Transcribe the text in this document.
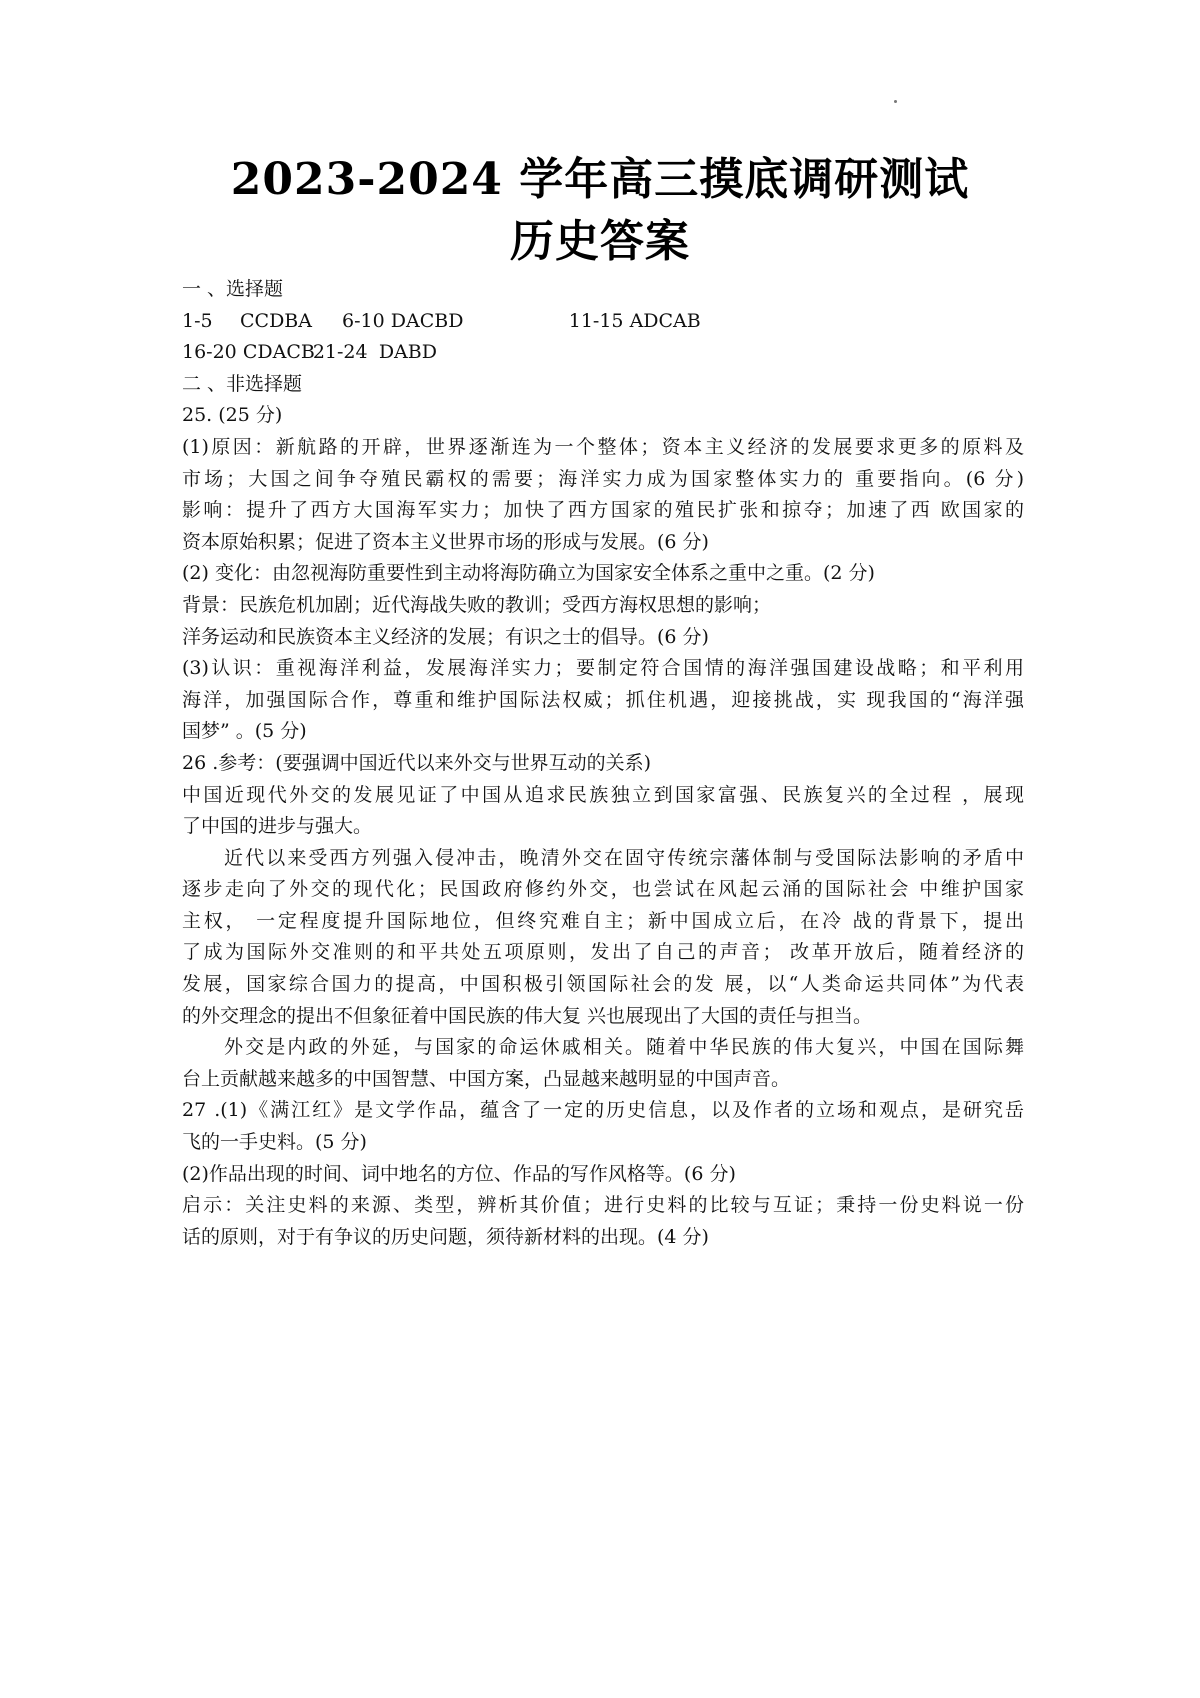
2023-2024 学年高三摸底调研测试
历史答案
一 、选择题
1-5 CCDBA 6-10 DACBD	11-15 ADCAB
16-20 CDACB21-24 DABD
二 、非选择题
25. (25 分)
(1)原因：新航路的开辟，世界逐渐连为一个整体；资本主义经济的发展要求更多的原料及
市场；大国之间争夺殖民霸权的需要；海洋实力成为国家整体实力的 重要指向。(6 分)
影响：提升了西方大国海军实力；加快了西方国家的殖民扩张和掠夺；加速了西 欧国家的
资本原始积累；促进了资本主义世界市场的形成与发展。(6 分)
(2) 变化：由忽视海防重要性到主动将海防确立为国家安全体系之重中之重。(2 分)
背景：民族危机加剧；近代海战失败的教训；受西方海权思想的影响；
洋务运动和民族资本主义经济的发展；有识之士的倡导。(6 分)
(3)认识：重视海洋利益，发展海洋实力；要制定符合国情的海洋强国建设战略；和平利用
海洋，加强国际合作，尊重和维护国际法权威；抓住机遇，迎接挑战，实 现我国的“海洋强
国梦” 。(5 分)
26 .参考：(要强调中国近代以来外交与世界互动的关系)
中国近现代外交的发展见证了中国从追求民族独立到国家富强、民族复兴的全过程 ，展现
了中国的进步与强大。
近代以来受西方列强入侵冲击，晚清外交在固守传统宗藩体制与受国际法影响的矛盾中
逐步走向了外交的现代化；民国政府修约外交，也尝试在风起云涌的国际社会 中维护国家
主权， 一定程度提升国际地位，但终究难自主；新中国成立后，在冷 战的背景下，提出
了成为国际外交准则的和平共处五项原则，发出了自己的声音； 改革开放后，随着经济的
发展，国家综合国力的提高，中国积极引领国际社会的发 展，以“人类命运共同体”为代表
的外交理念的提出不但象征着中国民族的伟大复 兴也展现出了大国的责任与担当。
外交是内政的外延，与国家的命运休戚相关。随着中华民族的伟大复兴，中国在国际舞
台上贡献越来越多的中国智慧、中国方案，凸显越来越明显的中国声音。
27 .(1)《满江红》是文学作品，蕴含了一定的历史信息，以及作者的立场和观点，是研究岳
飞的一手史料。(5 分)
(2)作品出现的时间、词中地名的方位、作品的写作风格等。(6 分)
启示：关注史料的来源、类型，辨析其价值；进行史料的比较与互证；秉持一份史料说一份
话的原则，对于有争议的历史问题，须待新材料的出现。(4 分)
